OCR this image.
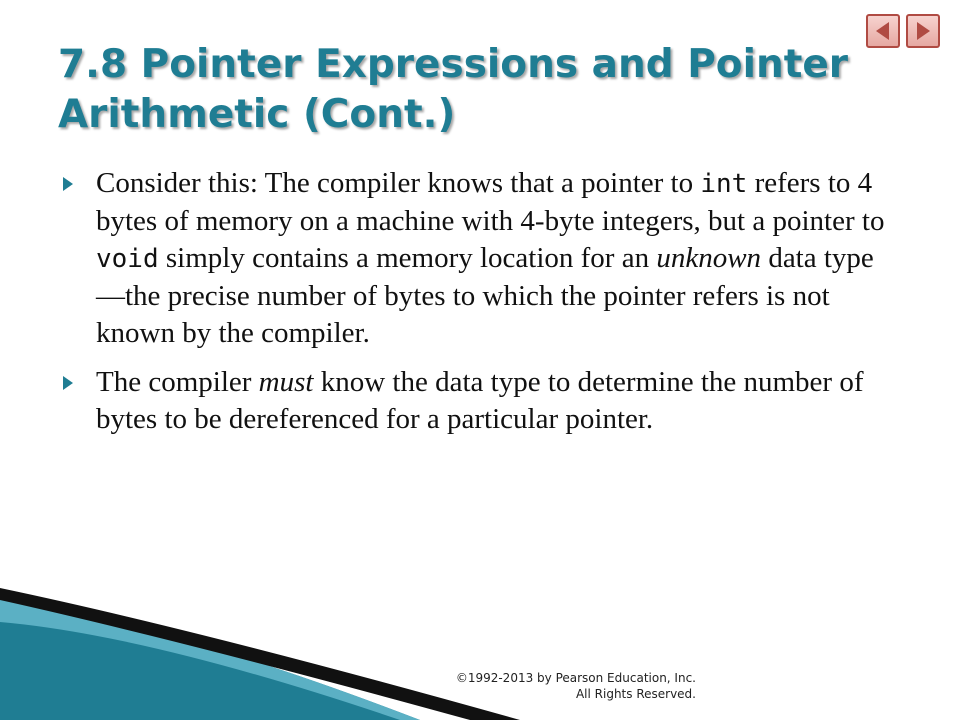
7.8 Pointer Expressions and Pointer Arithmetic (Cont.)
Consider this: The compiler knows that a pointer to int refers to 4 bytes of memory on a machine with 4-byte integers, but a pointer to void simply contains a memory location for an unknown data type—the precise number of bytes to which the pointer refers is not known by the compiler.
The compiler must know the data type to determine the number of bytes to be dereferenced for a particular pointer.
©1992-2013 by Pearson Education, Inc.
All Rights Reserved.
